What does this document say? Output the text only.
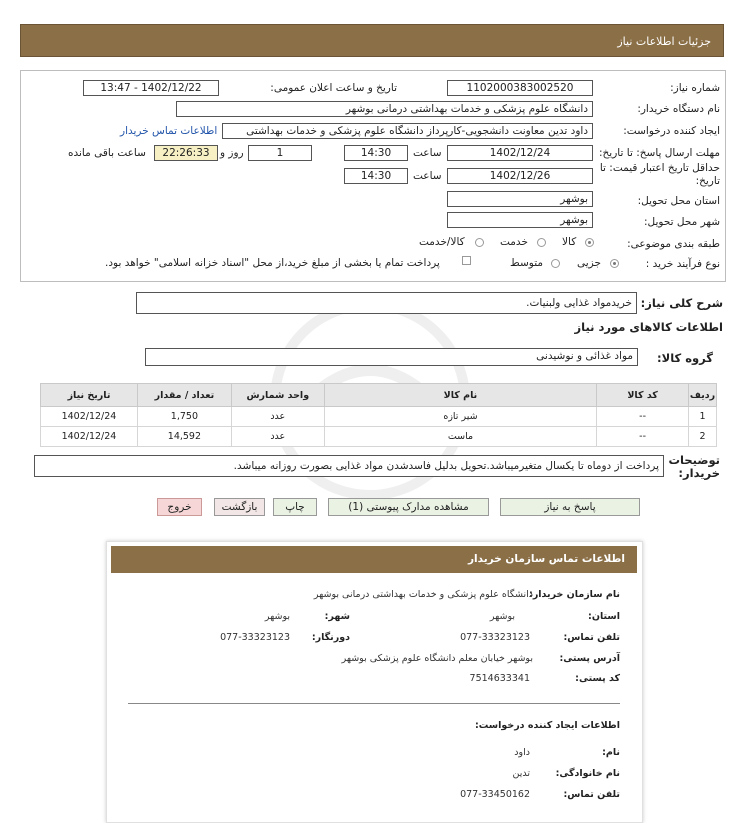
جزئیات اطلاعات نیاز
شماره نیاز:
1102000383002520
تاریخ و ساعت اعلان عمومی:
1402/12/22 - 13:47
نام دستگاه خریدار:
دانشگاه علوم پزشکی و خدمات بهداشتی درمانی بوشهر
ایجاد کننده درخواست:
داود تدین معاونت دانشجویی-کارپرداز دانشگاه علوم پزشکی و خدمات بهداشتی
اطلاعات تماس خریدار
مهلت ارسال پاسخ: تا تاریخ:
1402/12/24
ساعت
14:30
1
روز و
22:26:33
ساعت باقی مانده
حداقل تاریخ اعتبار قیمت: تا تاریخ:
1402/12/26
ساعت
14:30
استان محل تحویل:
بوشهر
شهر محل تحویل:
بوشهر
طبقه بندی موضوعی:
کالا
خدمت
کالا/خدمت
نوع فرآیند خرید :
جزیی
متوسط
پرداخت تمام یا بخشی از مبلغ خرید،از محل "اسناد خزانه اسلامی" خواهد بود.
شرح کلی نیاز:
خریدمواد غذایی ولبنیات.
اطلاعات کالاهای مورد نیاز
گروه کالا:
مواد غذائی و نوشیدنی
ردیف	کد کالا	نام کالا	واحد شمارش	تعداد / مقدار	تاریخ نیاز
1	--	شیر تازه	عدد	1,750	1402/12/24
2	--	ماست	عدد	14,592	1402/12/24
توضیحات خریدار:
پرداخت از دوماه تا یکسال متغیرمیباشد.تحویل بدلیل فاسدشدن مواد غذایی بصورت روزانه میباشد.
پاسخ به نیاز
مشاهده مدارک پیوستی (1)
چاپ
بازگشت
خروج
اطلاعات تماس سازمان خریدار
نام سازمان خریدار:
دانشگاه علوم پزشکی و خدمات بهداشتی درمانی بوشهر
استان:
بوشهر
شهر:
بوشهر
تلفن تماس:
077-33323123
دورنگار:
077-33323123
آدرس پستی:
بوشهر خیابان معلم دانشگاه علوم پزشکی بوشهر
کد پستی:
7514633341
اطلاعات ایجاد کننده درخواست:
نام:
داود
نام خانوادگی:
تدین
تلفن تماس:
077-33450162
